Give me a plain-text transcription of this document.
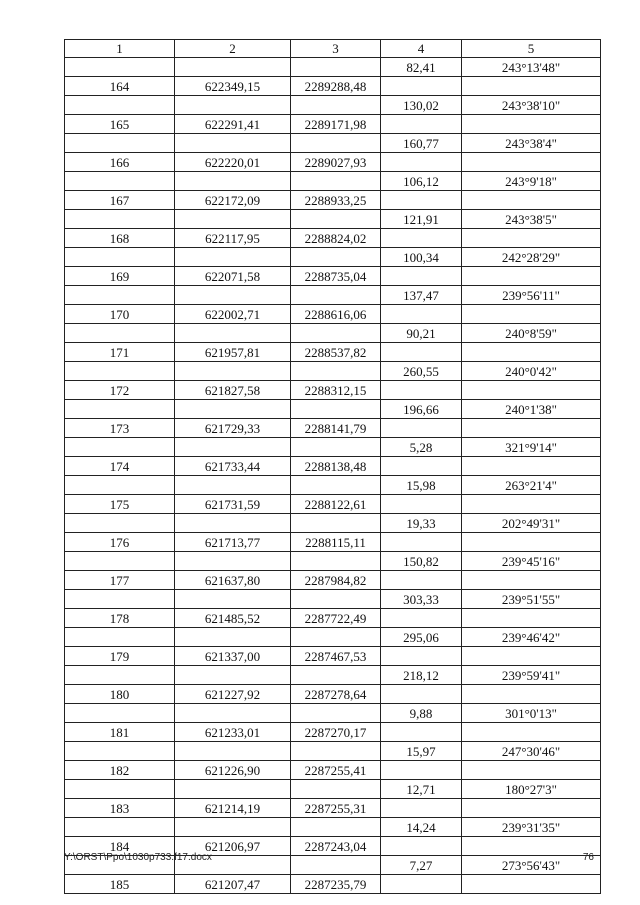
1	2	3	4	5
			82,41	243°13'48"
164	622349,15	2289288,48		
			130,02	243°38'10"
165	622291,41	2289171,98		
			160,77	243°38'4"
166	622220,01	2289027,93		
			106,12	243°9'18"
167	622172,09	2288933,25		
			121,91	243°38'5"
168	622117,95	2288824,02		
			100,34	242°28'29"
169	622071,58	2288735,04		
			137,47	239°56'11"
170	622002,71	2288616,06		
			90,21	240°8'59"
171	621957,81	2288537,82		
			260,55	240°0'42"
172	621827,58	2288312,15		
			196,66	240°1'38"
173	621729,33	2288141,79		
			5,28	321°9'14"
174	621733,44	2288138,48		
			15,98	263°21'4"
175	621731,59	2288122,61		
			19,33	202°49'31"
176	621713,77	2288115,11		
			150,82	239°45'16"
177	621637,80	2287984,82		
			303,33	239°51'55"
178	621485,52	2287722,49		
			295,06	239°46'42"
179	621337,00	2287467,53		
			218,12	239°59'41"
180	621227,92	2287278,64		
			9,88	301°0'13"
181	621233,01	2287270,17		
			15,97	247°30'46"
182	621226,90	2287255,41		
			12,71	180°27'3"
183	621214,19	2287255,31		
			14,24	239°31'35"
184	621206,97	2287243,04		
			7,27	273°56'43"
185	621207,47	2287235,79		
Y:\ORST\Ppo\1030p733.f17.docx	76
